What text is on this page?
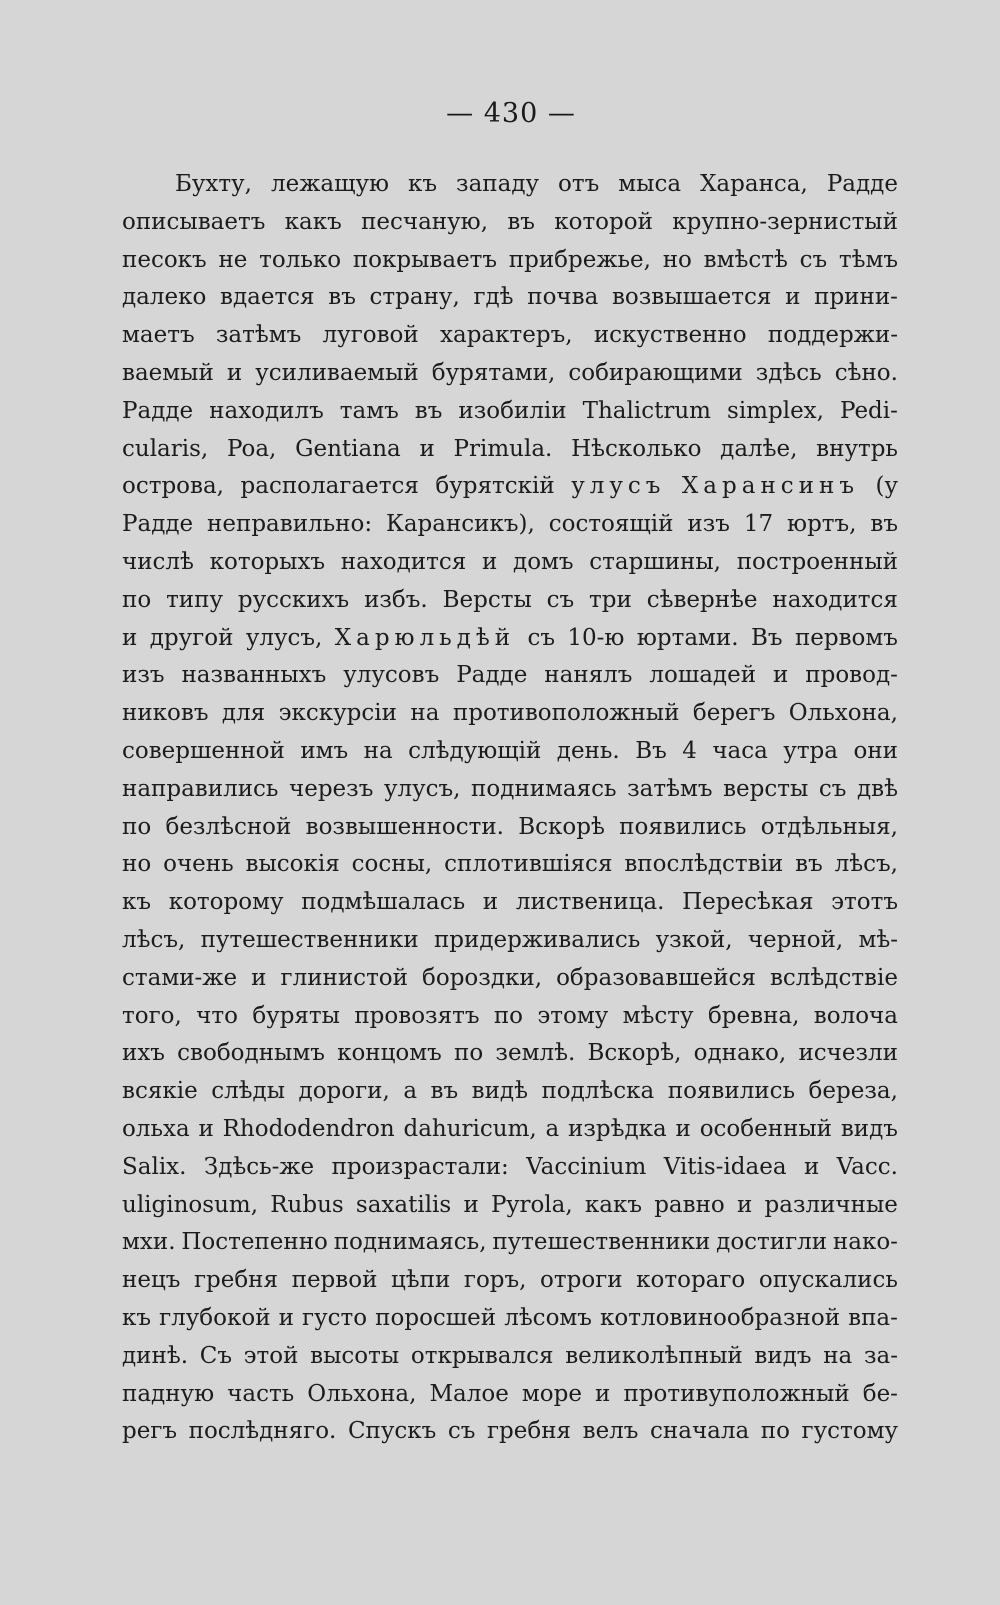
— 430 —
Бухту, лежащую къ западу отъ мыса Харанса, Радде
описываетъ какъ песчаную, въ которой крупно-зернистый
песокъ не только покрываетъ прибрежье, но вмѣстѣ съ тѣмъ
далеко вдается въ страну, гдѣ почва возвышается и прини-
маетъ затѣмъ луговой характеръ, искуственно поддержи-
ваемый и усиливаемый бурятами, собирающими здѣсь сѣно.
Радде находилъ тамъ въ изобилiи Thalictrum simplex, Pedi-
cularis, Poa, Gentiana и Primula. Нѣсколько далѣе, внутрь
острова, располагается бурятскiй улусъ Харансинъ (у
Радде неправильно: Карансикъ), состоящiй изъ 17 юртъ, въ
числѣ которыхъ находится и домъ старшины, построенный
по типу русскихъ избъ. Версты съ три сѣвернѣе находится
и другой улусъ, Харюльдѣй съ 10-ю юртами. Въ первомъ
изъ названныхъ улусовъ Радде нанялъ лошадей и провод-
никовъ для экскурсiи на противоположный берегъ Ольхона,
совершенной имъ на слѣдующiй день. Въ 4 часа утра они
направились черезъ улусъ, поднимаясь затѣмъ версты съ двѣ
по безлѣсной возвышенности. Вскорѣ появились отдѣльныя,
но очень высокiя сосны, сплотившiяся впослѣдствiи въ лѣсъ,
къ которому подмѣшалась и лиственица. Пересѣкая этотъ
лѣсъ, путешественники придерживались узкой, черной, мѣ-
стами-же и глинистой бороздки, образовавшейся вслѣдствiе
того, что буряты провозятъ по этому мѣсту бревна, волоча
ихъ свободнымъ концомъ по землѣ. Вскорѣ, однако, исчезли
всякiе слѣды дороги, а въ видѣ подлѣска появились береза,
ольха и Rhododendron dahuricum, а изрѣдка и особенный видъ
Salix. Здѣсь-же произрастали: Vaccinium Vitis-idaea и Vacc.
uliginosum, Rubus saxatilis и Pyrola, какъ равно и различные
мхи. Постепенно поднимаясь, путешественники достигли нако-
нецъ гребня первой цѣпи горъ, отроги котораго опускались
къ глубокой и густо поросшей лѣсомъ котловинообразной впа-
динѣ. Съ этой высоты открывался великолѣпный видъ на за-
падную часть Ольхона, Малое море и противуположный бе-
регъ послѣдняго. Спускъ съ гребня велъ сначала по густому
